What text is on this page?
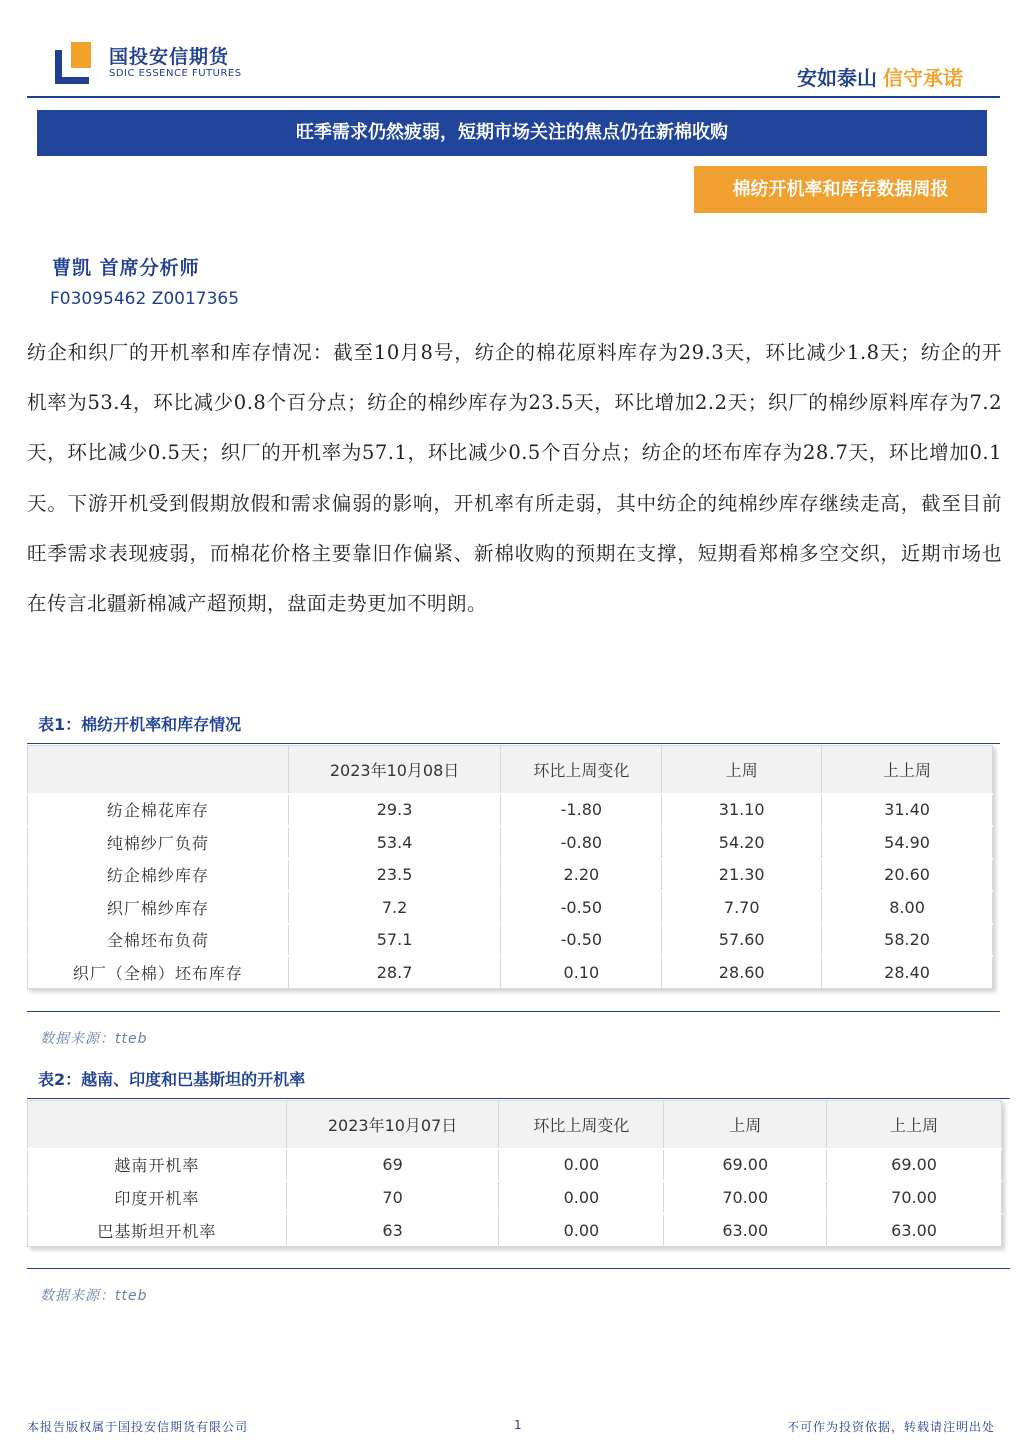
国投安信期货
SDIC ESSENCE FUTURES	安如泰山 信守承诺
旺季需求仍然疲弱，短期市场关注的焦点仍在新棉收购
棉纺开机率和库存数据周报
曹凯 首席分析师
F03095462 Z0017365
纺企和织厂的开机率和库存情况：截至10月8号，纺企的棉花原料库存为29.3天，环比减少1.8天；纺企的开机率为53.4，环比减少0.8个百分点；纺企的棉纱库存为23.5天，环比增加2.2天；织厂的棉纱原料库存为7.2天，环比减少0.5天；织厂的开机率为57.1，环比减少0.5个百分点；纺企的坯布库存为28.7天，环比增加0.1天。下游开机受到假期放假和需求偏弱的影响，开机率有所走弱，其中纺企的纯棉纱库存继续走高，截至目前旺季需求表现疲弱，而棉花价格主要靠旧作偏紧、新棉收购的预期在支撑，短期看郑棉多空交织，近期市场也在传言北疆新棉减产超预期，盘面走势更加不明朗。
表1：棉纺开机率和库存情况
	2023年10月08日	环比上周变化	上周	上上周
纺企棉花库存	29.3	-1.80	31.10	31.40
纯棉纱厂负荷	53.4	-0.80	54.20	54.90
纺企棉纱库存	23.5	2.20	21.30	20.60
织厂棉纱库存	7.2	-0.50	7.70	8.00
全棉坯布负荷	57.1	-0.50	57.60	58.20
织厂（全棉）坯布库存	28.7	0.10	28.60	28.40
数据来源：tteb
表2：越南、印度和巴基斯坦的开机率
	2023年10月07日	环比上周变化	上周	上上周
越南开机率	69	0.00	69.00	69.00
印度开机率	70	0.00	70.00	70.00
巴基斯坦开机率	63	0.00	63.00	63.00
数据来源：tteb
本报告版权属于国投安信期货有限公司	1	不可作为投资依据，转载请注明出处
